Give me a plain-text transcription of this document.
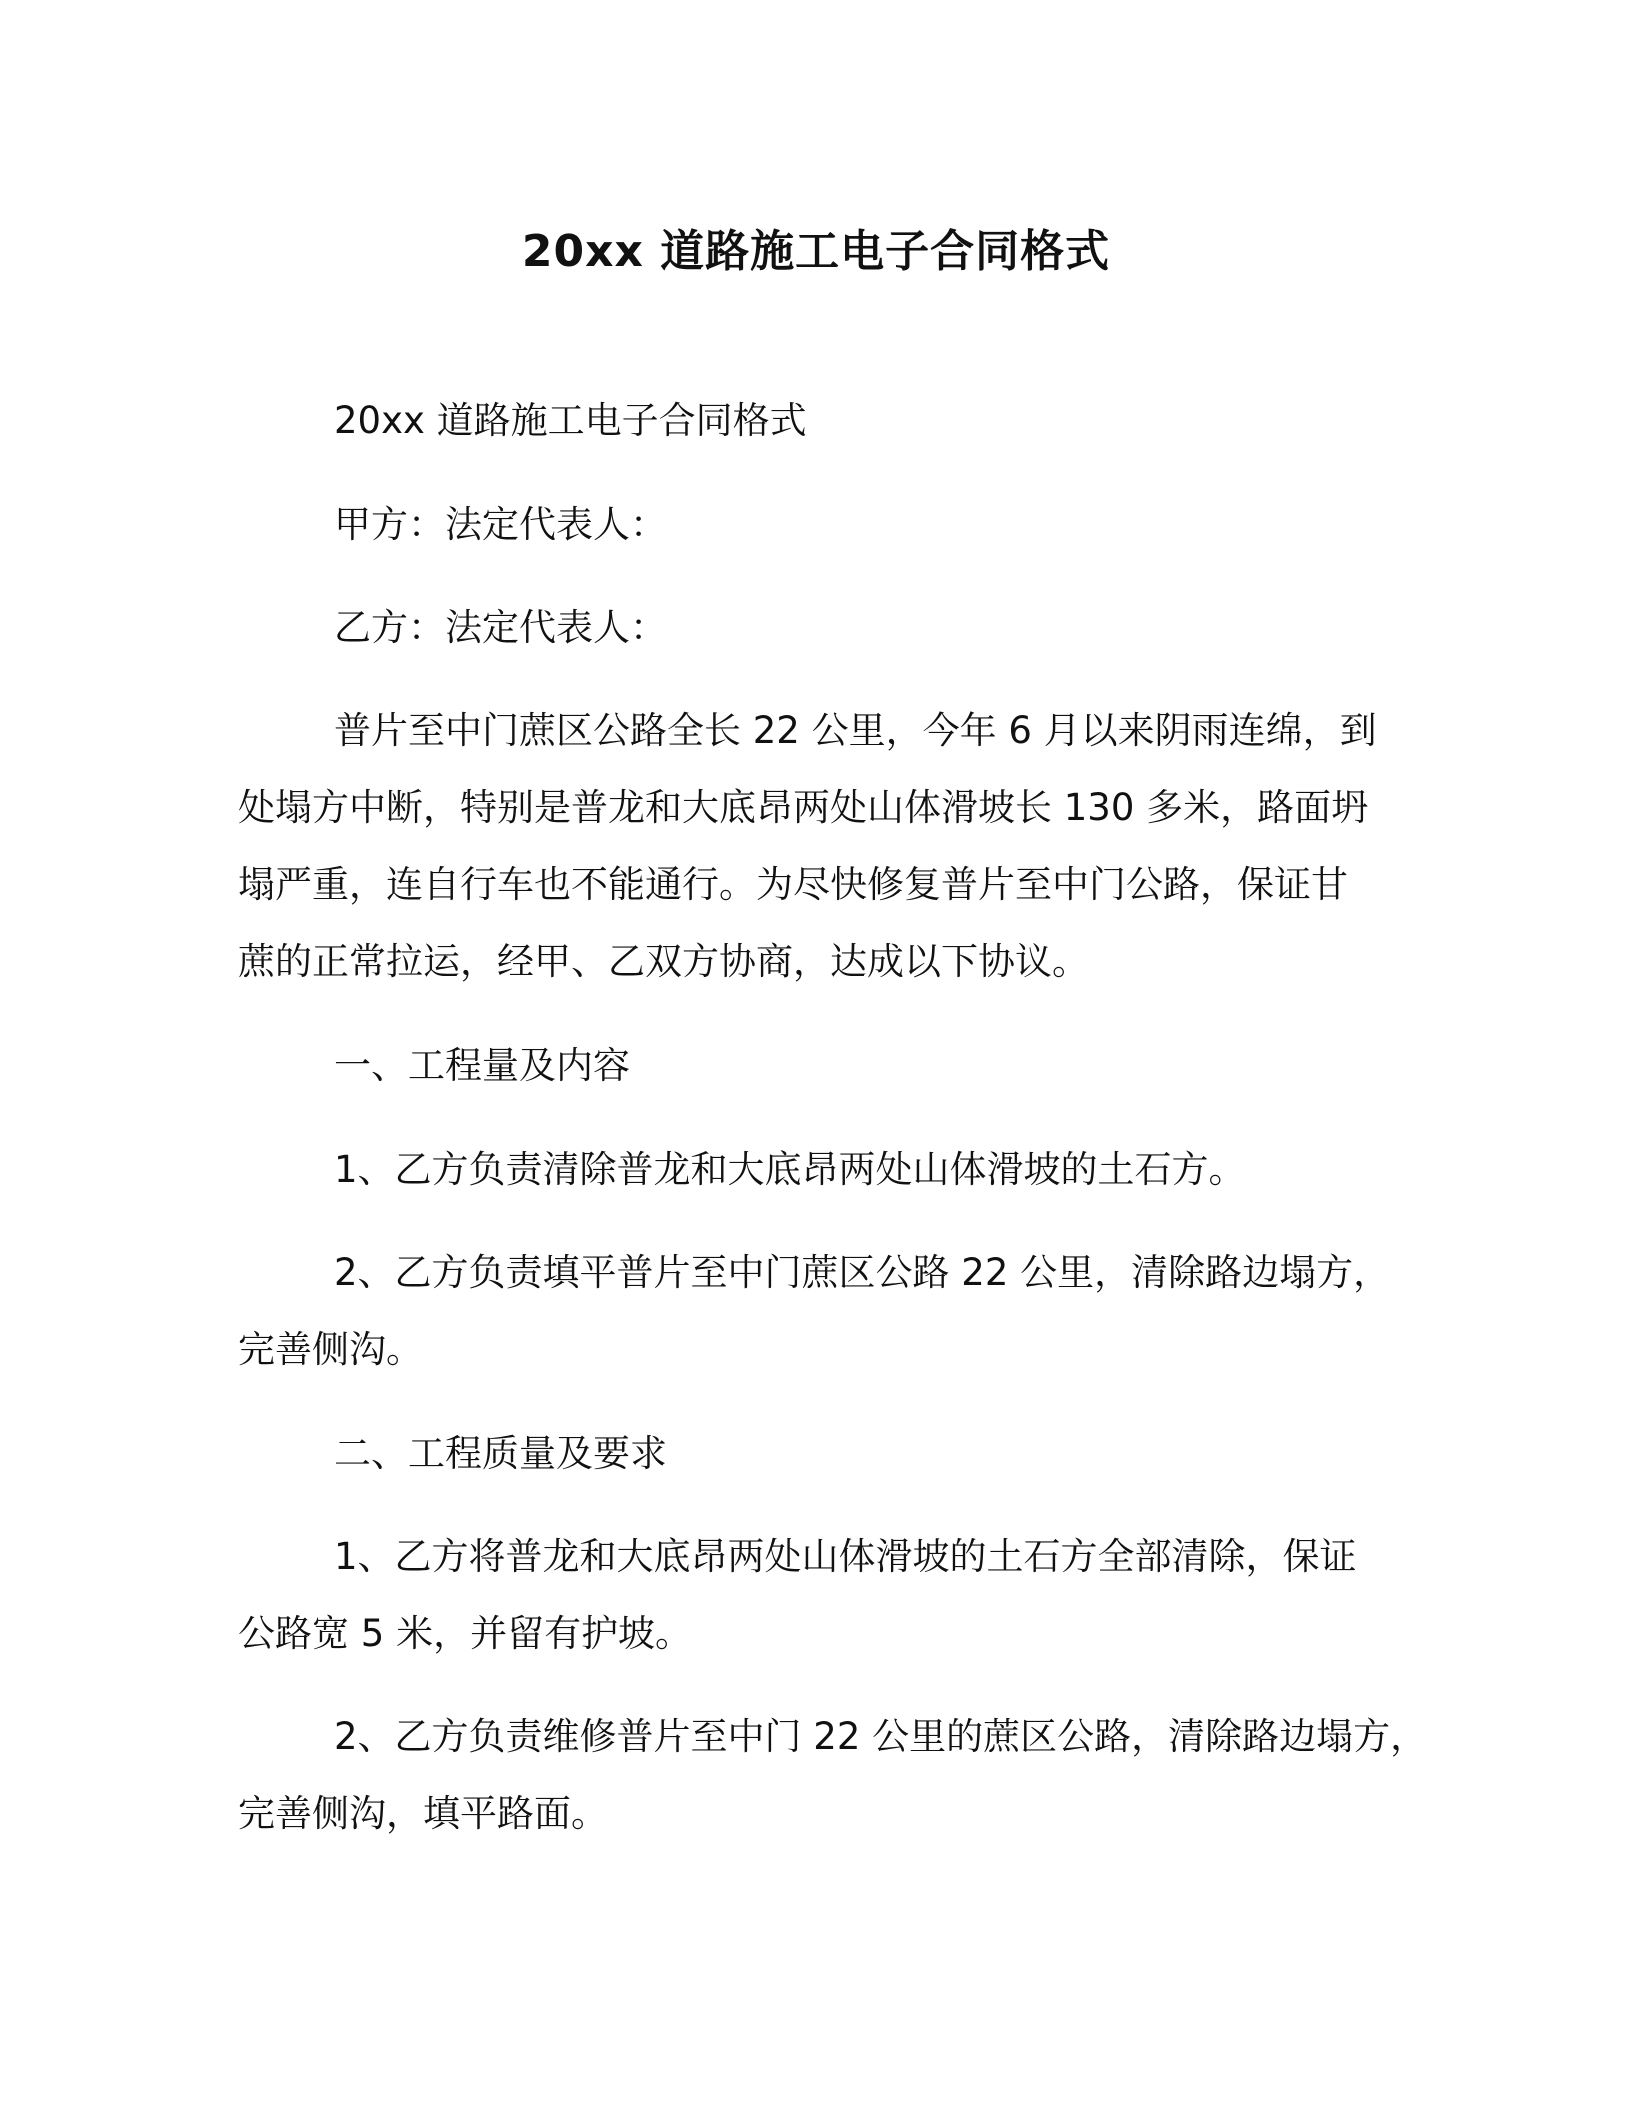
20xx 道路施工电子合同格式
20xx 道路施工电子合同格式
甲方：法定代表人：
乙方：法定代表人：
普片至中门蔗区公路全长 22 公里，今年 6 月以来阴雨连绵，到
处塌方中断，特别是普龙和大底昂两处山体滑坡长 130 多米，路面坍
塌严重，连自行车也不能通行。为尽快修复普片至中门公路，保证甘
蔗的正常拉运，经甲、乙双方协商，达成以下协议。
一、工程量及内容
1、乙方负责清除普龙和大底昂两处山体滑坡的土石方。
2、乙方负责填平普片至中门蔗区公路 22 公里，清除路边塌方，
完善侧沟。
二、工程质量及要求
1、乙方将普龙和大底昂两处山体滑坡的土石方全部清除，保证
公路宽 5 米，并留有护坡。
2、乙方负责维修普片至中门 22 公里的蔗区公路，清除路边塌方，
完善侧沟，填平路面。
